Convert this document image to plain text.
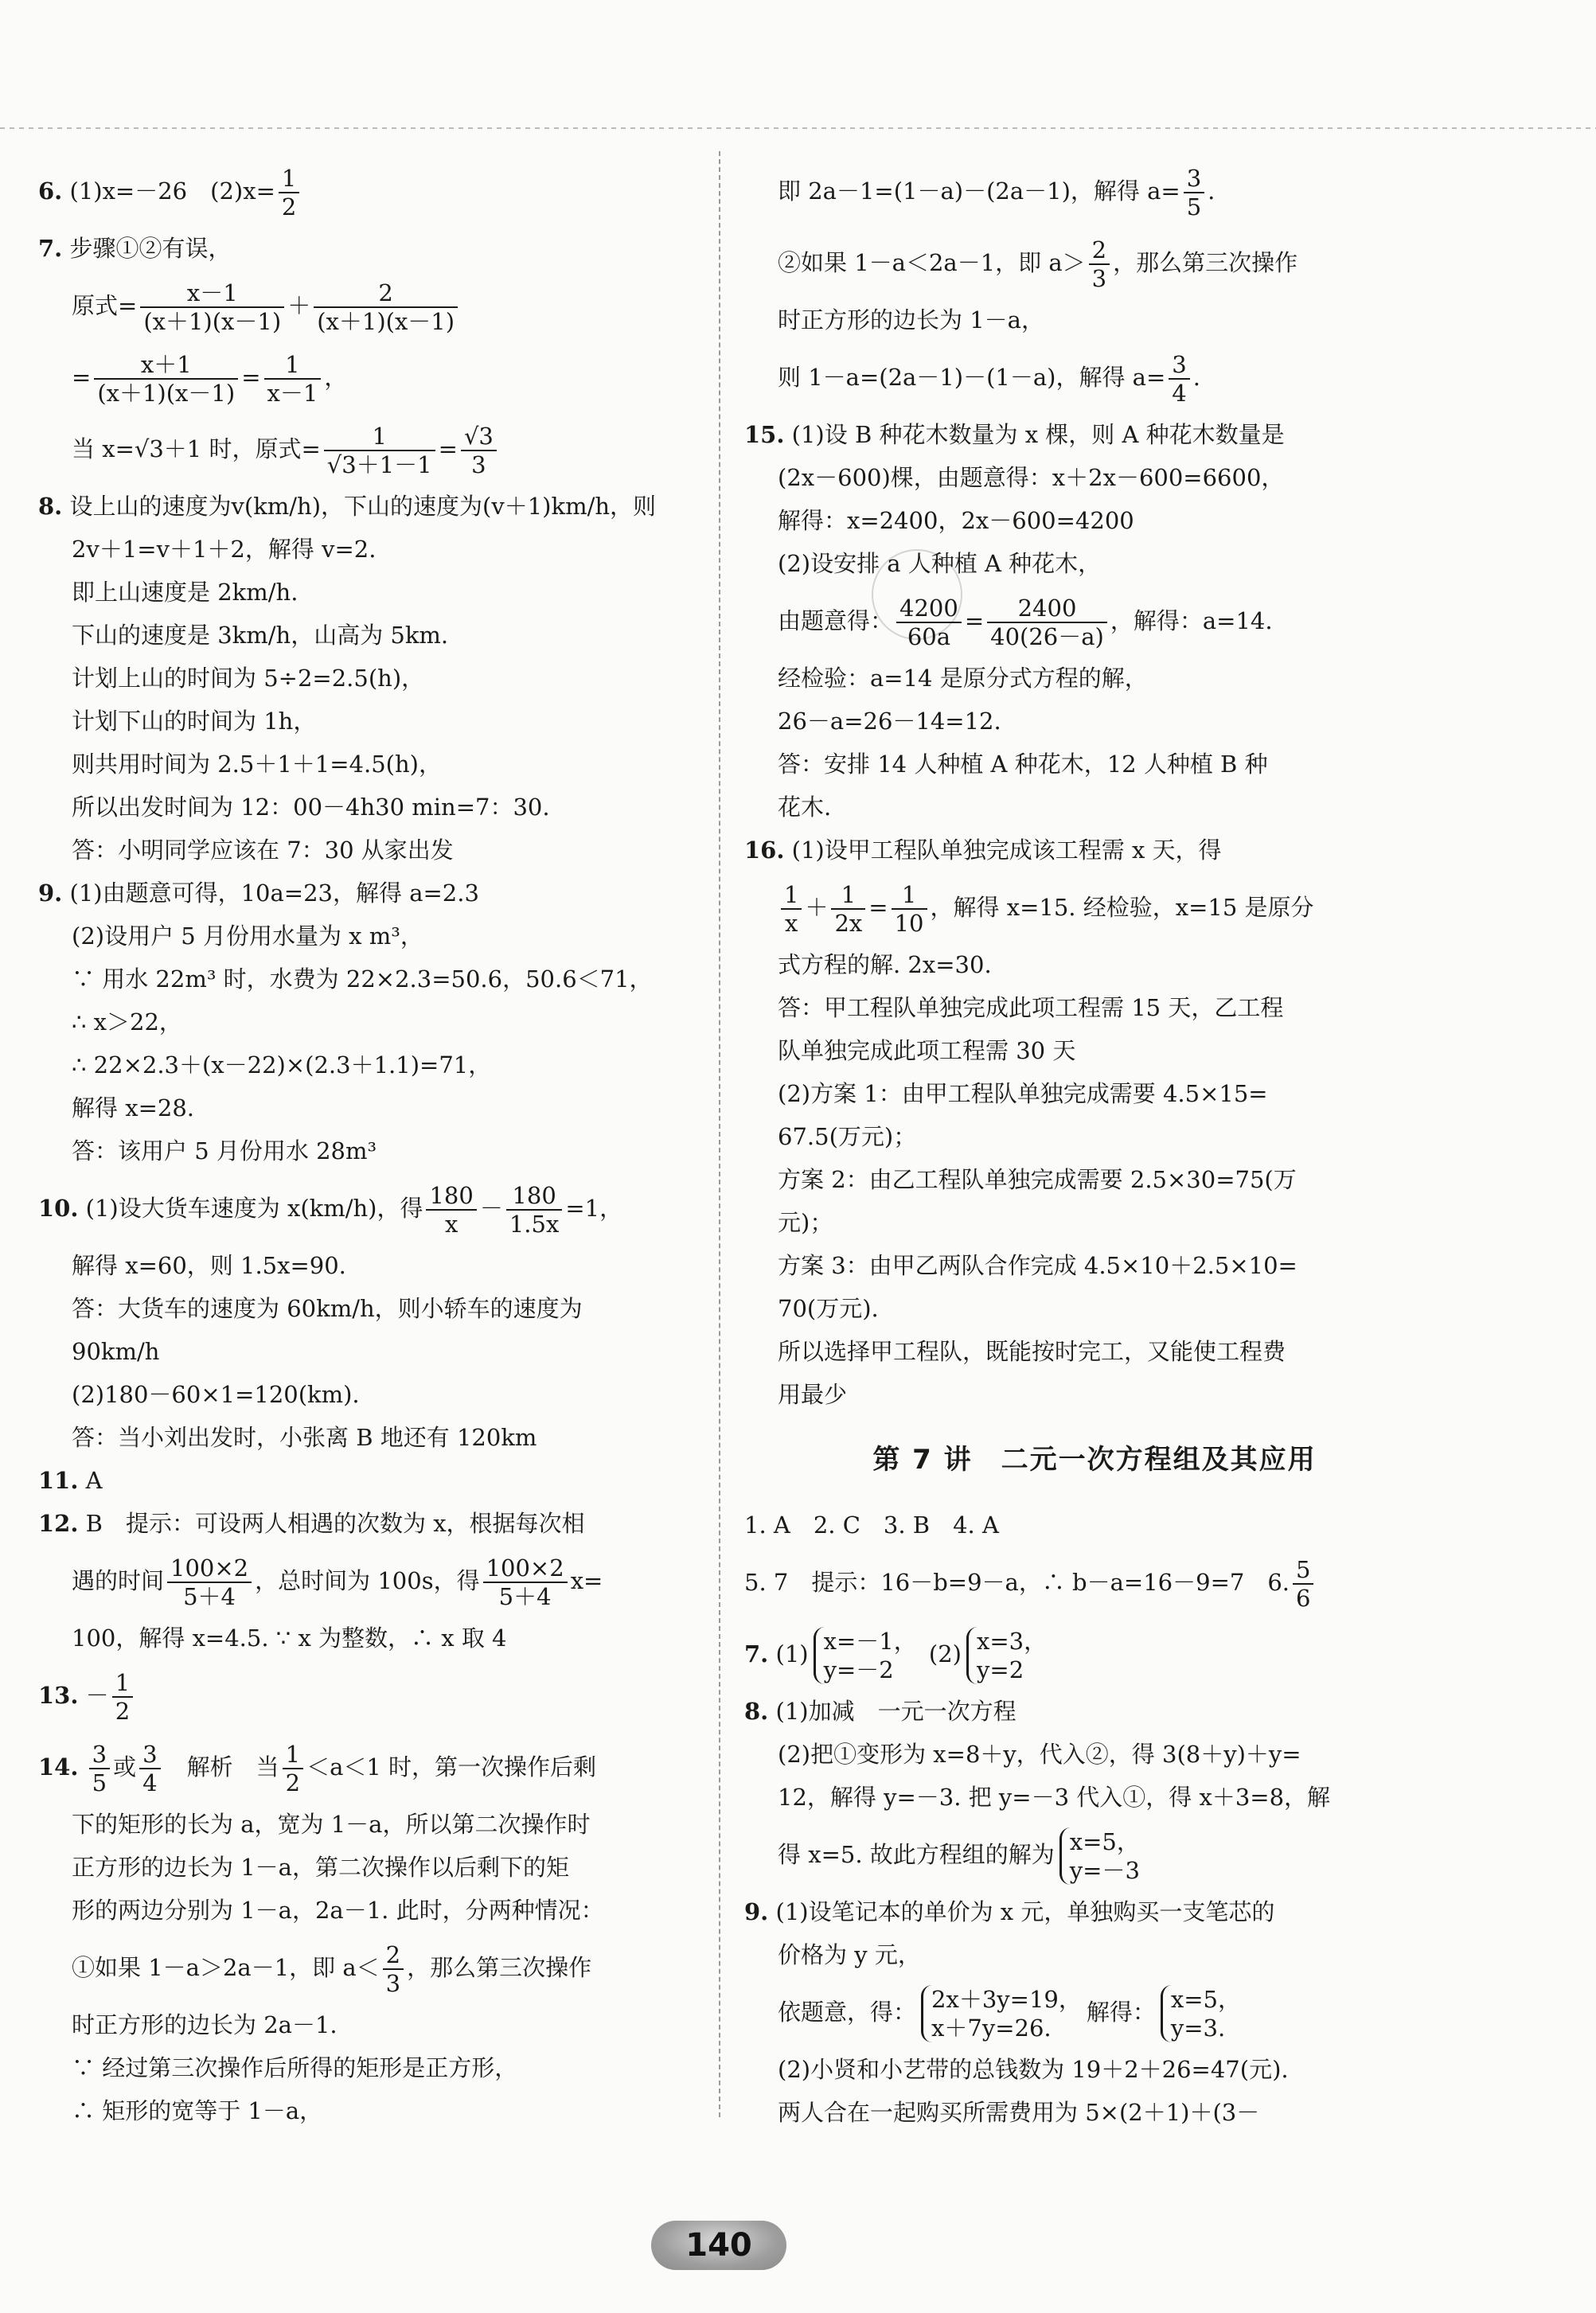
6. (1)x=－26　$(2)x= \frac{1}{2}$
7. 步骤①②有误，
原式= $\frac{x-1}{(x+1)(x-1)} + \frac{2}{(x+1)(x-1)}$
= $\frac{x+1}{(x+1)(x-1)} = \frac{1}{x-1}$ ，
当 x=√3＋1 时，原式= $\frac{1}{√3+1-1} = \frac{√3}{3}$
8. 设上山的速度为v(km/h)，下山的速度为(v＋1)km/h，则
2v＋1=v＋1＋2，解得 v=2.
即上山速度是 2km/h.
下山的速度是 3km/h，山高为 5km.
计划上山的时间为 5÷2=2.5(h)，
计划下山的时间为 1h，
则共用时间为 2.5＋1＋1=4.5(h)，
所以出发时间为 12：00－4h30 min=7：30.
答：小明同学应该在 7：30 从家出发
9. (1)由题意可得，10a=23，解得 a=2.3
(2)设用户 5 月份用水量为 x m³，
∵ 用水 22m³ 时，水费为 22×2.3=50.6，50.6＜71，
∴ x＞22，
∴ 22×2.3＋(x－22)×(2.3＋1.1)=71，
解得 x=28.
答：该用户 5 月份用水 28m³
10. (1)设大货车速度为 x(km/h)，得 $\frac{180}{x} - \frac{180}{1.5x} =1$，
解得 x=60，则 1.5x=90.
答：大货车的速度为 60km/h，则小轿车的速度为
90km/h
(2)180－60×1=120(km).
答：当小刘出发时，小张离 B 地还有 120km
11. A
12. B　提示：可设两人相遇的次数为 x，根据每次相
遇的时间 $\frac{100\times 2}{5+4}$ ，总时间为 100s，得 $\frac{100\times 2}{5+4} x=$
100，解得 x=4.5. ∵ x 为整数，∴ x 取 4
13. － $\frac{1}{2}$
14. $\frac{3}{5}$ 或 $\frac{3}{4}$ 　解析　当 $\frac{1}{2} <a<1$ 时，第一次操作后剩
下的矩形的长为 a，宽为 1－a，所以第二次操作时
正方形的边长为 1－a，第二次操作以后剩下的矩
形的两边分别为 1－a，2a－1. 此时，分两种情况：
①如果 1－a＞2a－1，即 $a< \frac{2}{3}$ ，那么第三次操作
时正方形的边长为 2a－1.
∵ 经过第三次操作后所得的矩形是正方形，
∴ 矩形的宽等于 1－a，
即 2a－1=(1－a)－(2a－1)，解得 $a= \frac{3}{5}$ .
②如果 1－a＜2a－1，即 $a> \frac{2}{3}$ ，那么第三次操作
时正方形的边长为 1－a，
则 1－a=(2a－1)－(1－a)，解得 $a= \frac{3}{4}$ .
15. (1)设 B 种花木数量为 x 棵，则 A 种花木数量是
(2x－600)棵，由题意得：x＋2x－600=6600，
解得：x=2400，2x－600=4200
(2)设安排 a 人种植 A 种花木，
由题意得： $\frac{4200}{60a} = \frac{2400}{40(26-a)}$ ，解得：a=14.
经检验：a=14 是原分式方程的解，
26－a=26－14=12.
答：安排 14 人种植 A 种花木，12 人种植 B 种
花木.
16. (1)设甲工程队单独完成该工程需 x 天，得
$\frac{1}{x} + \frac{1}{2x} = \frac{1}{10}$ ，解得 x=15. 经检验，x=15 是原分
式方程的解. 2x=30.
答：甲工程队单独完成此项工程需 15 天，乙工程
队单独完成此项工程需 30 天
(2)方案 1：由甲工程队单独完成需要 4.5×15=
67.5(万元)；
方案 2：由乙工程队单独完成需要 2.5×30=75(万
元)；
方案 3：由甲乙两队合作完成 4.5×10＋2.5×10=
70(万元).
所以选择甲工程队，既能按时完工，又能使工程费
用最少
第 7 讲　二元一次方程组及其应用
1. A　2. C　3. B　4. A
5. 7　提示：16－b=9－a，∴ b－a=16－9=7　6. $\frac{5}{6}$
7. (1) x=－1，
y=－2
(2) x=3，
y=2
8. (1)加减　一元一次方程
(2)把①变形为 x=8＋y，代入②，得 3(8＋y)＋y=
12，解得 y=－3. 把 y=－3 代入①，得 x＋3=8，解
得 x=5. 故此方程组的解为 x=5，
y=－3
9. (1)设笔记本的单价为 x 元，单独购买一支笔芯的
价格为 y 元，
依题意，得： 2x＋3y=19，
x＋7y=26.
解得： x=5，
y=3.
(2)小贤和小艺带的总钱数为 19＋2＋26=47(元).
两人合在一起购买所需费用为 5×(2＋1)＋(3－
140
